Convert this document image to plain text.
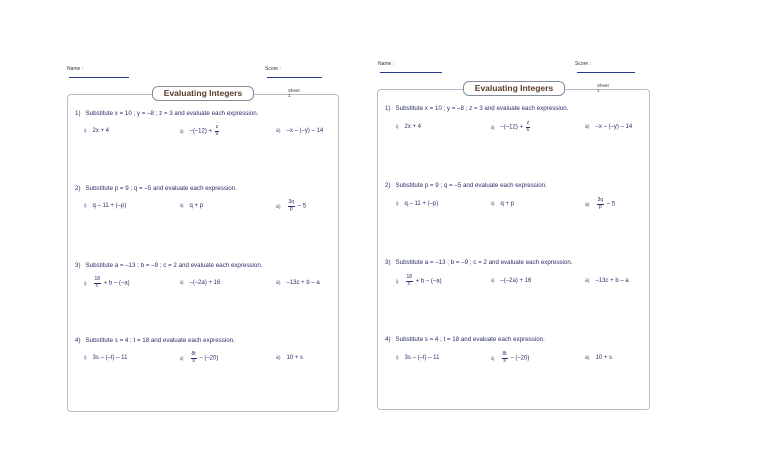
Name :	Score :
Evaluating Integers	Sheet 1
1) Substitute x = 10 ; y = –8 ; z = 3 and evaluate each expression.
i) 2x + 4	ii) $-(-12) + \frac{z}{6}$	iii) –x – (–y) – 14
2) Substitute p = 9 ; q = –5 and evaluate each expression.
i) q – 11 + (–p)	ii) q + p	$iii) \frac{3q}{p} - 5$
3) Substitute a = –13 ; b = –9 ; c = 2 and evaluate each expression.
$i) \frac{18}{c} + b - (-a)$	ii) –(–2a) + 16	iii) –13c + b – a
4) Substitute s = 4 ; t = 18 and evaluate each expression.
i) 3s – (–t) – 11	$ii) \frac{8t}{s} - (-20)$	iii) 10 + s
Name :	Score :
Evaluating Integers	Sheet 1
1) Substitute x = 10 ; y = –8 ; z = 3 and evaluate each expression.
i) 2x + 4	ii) $-(-12) + \frac{z}{6}$	iii) –x – (–y) – 14
2) Substitute p = 9 ; q = –5 and evaluate each expression.
i) q – 11 + (–p)	ii) q + p	$iii) \frac{3q}{p} - 5$
3) Substitute a = –13 ; b = –9 ; c = 2 and evaluate each expression.
$i) \frac{18}{c} + b - (-a)$	ii) –(–2a) + 16	iii) –13c + b – a
4) Substitute s = 4 ; t = 18 and evaluate each expression.
i) 3s – (–t) – 11	$ii) \frac{8t}{s} - (-20)$	iii) 10 + s
